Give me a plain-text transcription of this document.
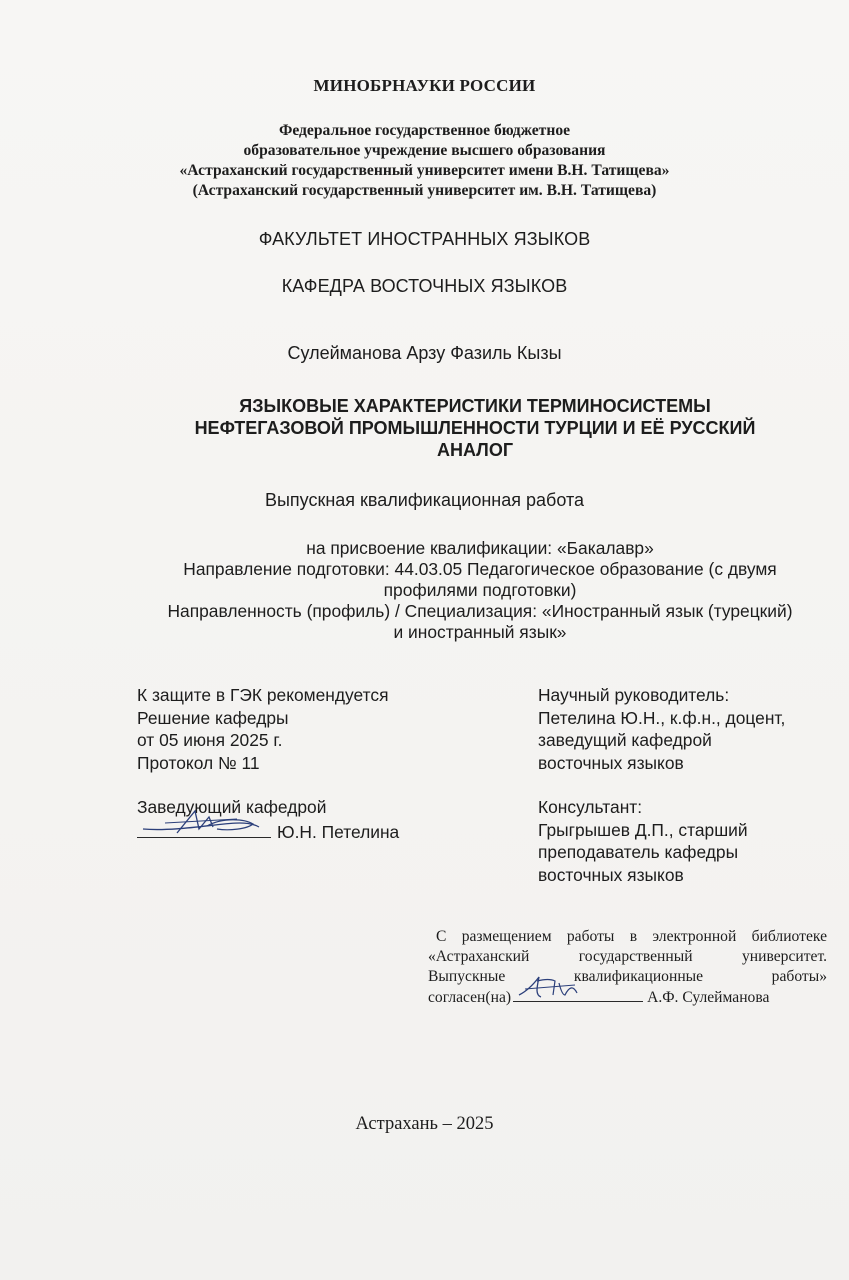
МИНОБРНАУКИ РОССИИ
Федеральное государственное бюджетное
образовательное учреждение высшего образования
«Астраханский государственный университет имени В.Н. Татищева»
(Астраханский государственный университет им. В.Н. Татищева)
ФАКУЛЬТЕТ ИНОСТРАННЫХ ЯЗЫКОВ
КАФЕДРА ВОСТОЧНЫХ ЯЗЫКОВ
Сулейманова Арзу Фазиль Кызы
ЯЗЫКОВЫЕ ХАРАКТЕРИСТИКИ ТЕРМИНОСИСТЕМЫ
НЕФТЕГАЗОВОЙ ПРОМЫШЛЕННОСТИ ТУРЦИИ И ЕЁ РУССКИЙ
АНАЛОГ
Выпускная квалификационная работа
на присвоение квалификации: «Бакалавр»
Направление подготовки: 44.03.05 Педагогическое образование (с двумя
профилями подготовки)
Направленность (профиль) / Специализация: «Иностранный язык (турецкий)
и иностранный язык»
К защите в ГЭК рекомендуется
Решение кафедры
от 05 июня 2025 г.
Протокол № 11
Заведующий кафедрой
Ю.Н. Петелина
Научный руководитель:
Петелина Ю.Н., к.ф.н., доцент,
заведущий кафедрой
восточных языков
Консультант:
Грыгрышев Д.П., старший
преподаватель кафедры
восточных языков
С размещением работы в электронной библиотеке
«Астраханский государственный университет.
Выпускные квалификационные работы»
согласен(на)	А.Ф. Сулейманова
Астрахань – 2025
